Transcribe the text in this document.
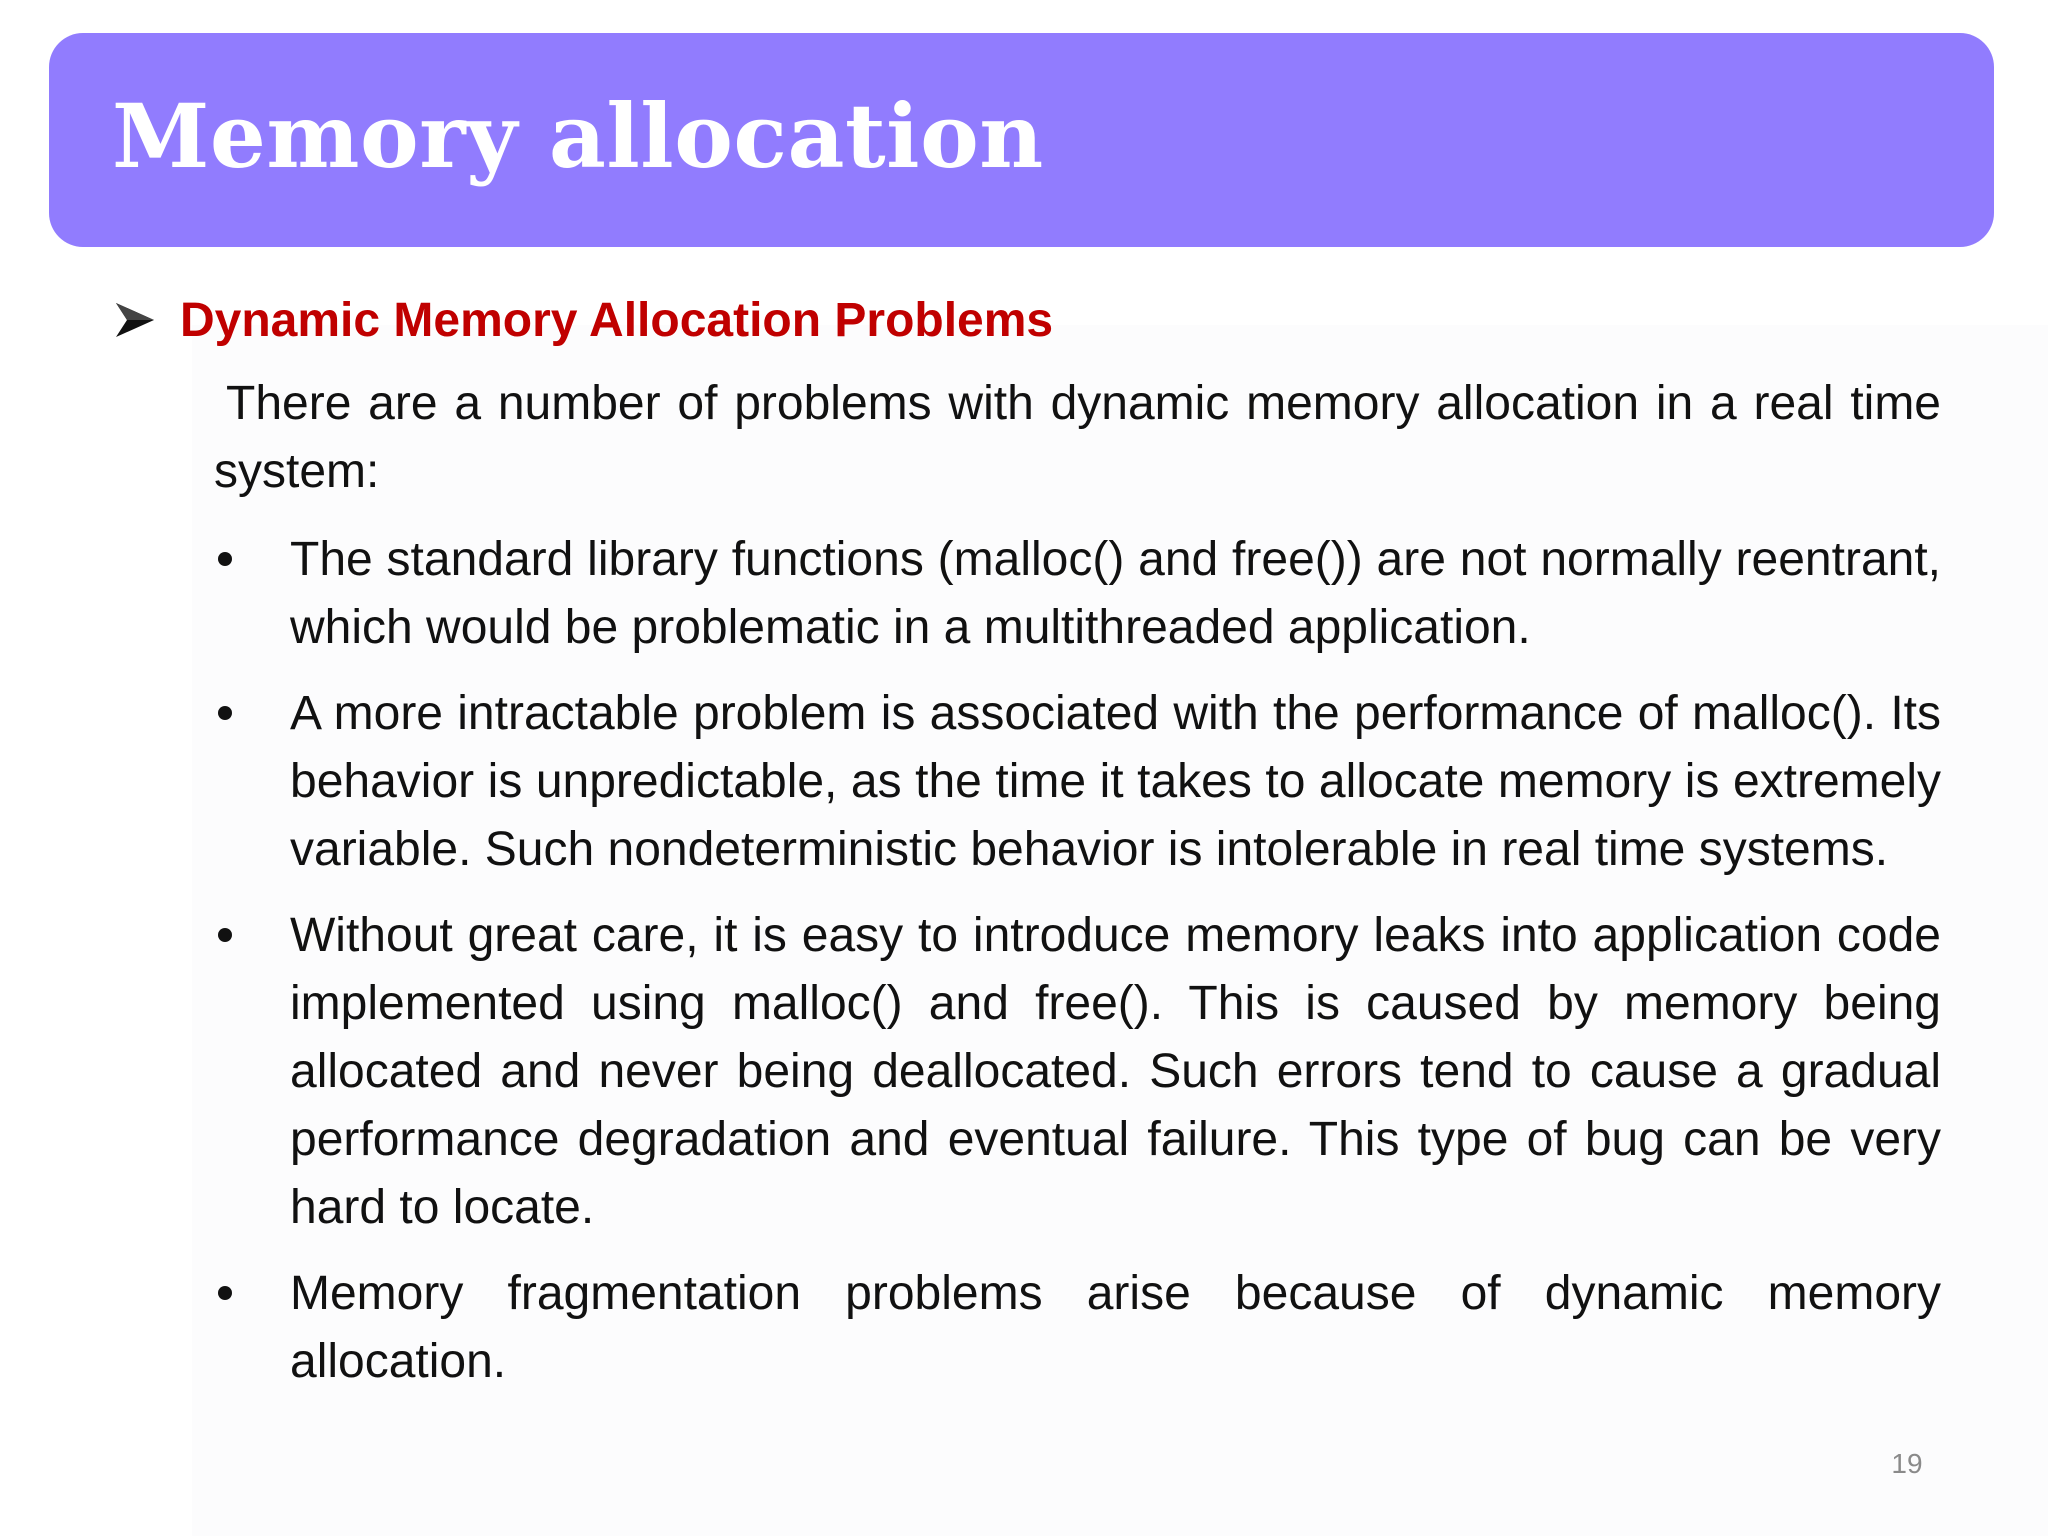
Memory allocation
Dynamic Memory Allocation Problems

There are a number of problems with dynamic memory allocation in a real time system:

The standard library functions (malloc() and free()) are not normally reentrant, which would be problematic in a multithreaded application.
A more intractable problem is associated with the performance of malloc(). Its behavior is unpredictable, as the time it takes to allocate memory is extremely variable. Such nondeterministic behavior is intolerable in real time systems.
Without great care, it is easy to introduce memory leaks into application code implemented using malloc() and free(). This is caused by memory being allocated and never being deallocated. Such errors tend to cause a gradual performance degradation and eventual failure. This type of bug can be very hard to locate.
Memory fragmentation problems arise because of dynamic memory allocation.
19
